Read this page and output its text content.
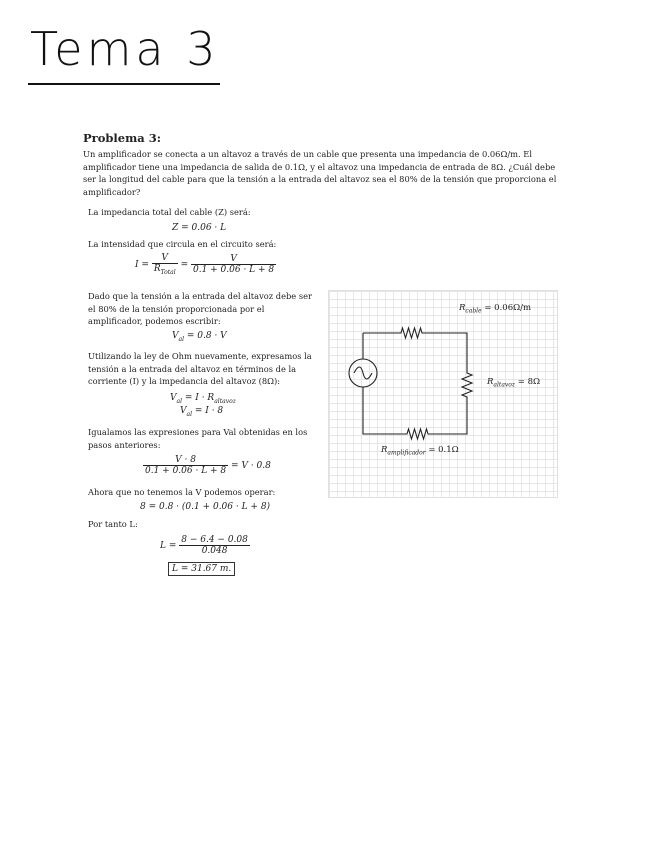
Tema 3
Problema 3:
Un amplificador se conecta a un altavoz a través de un cable que presenta una impedancia de 0.06Ω/m. El amplificador tiene una impedancia de salida de 0.1Ω, y el altavoz una impedancia de entrada de 8Ω. ¿Cuál debe ser la longitud del cable para que la tensión a la entrada del altavoz sea el 80% de la tensión que proporciona el amplificador?
La impedancia total del cable (Z) será:
Z = 0.06 · L
La intensidad que circula en el circuito será:
$I = \frac{V}{R_{Total}} = \frac{V}{0.1 + 0.06 \cdot L + 8}$
Dado que la tensión a la entrada del altavoz debe ser el 80% de la tensión proporcionada por el amplificador, podemos escribir:
$V_{al} = 0.8 \cdot V$
Utilizando la ley de Ohm nuevamente, expresamos la tensión a la entrada del altavoz en términos de la corriente (I) y la impedancia del altavoz (8Ω):
$V_{al} = I \cdot R_{altavoz}$
$V_{al} = I \cdot 8$
Igualamos las expresiones para Val obtenidas en los pasos anteriores:
$\frac{V \cdot 8}{0.1 + 0.06 \cdot L + 8} = V \cdot 0.8$
Ahora que no tenemos la V podemos operar:
8 = 0.8 · (0.1 + 0.06 · L + 8)
Por tanto L:
$L = \frac{8 - 6.4 - 0.08}{0.048}$
L = 31.67 m.
$R_{cable} = 0.06\Omega/m$
$R_{altavoz} = 8\Omega$
$R_{amplificador} = 0.1\Omega$
